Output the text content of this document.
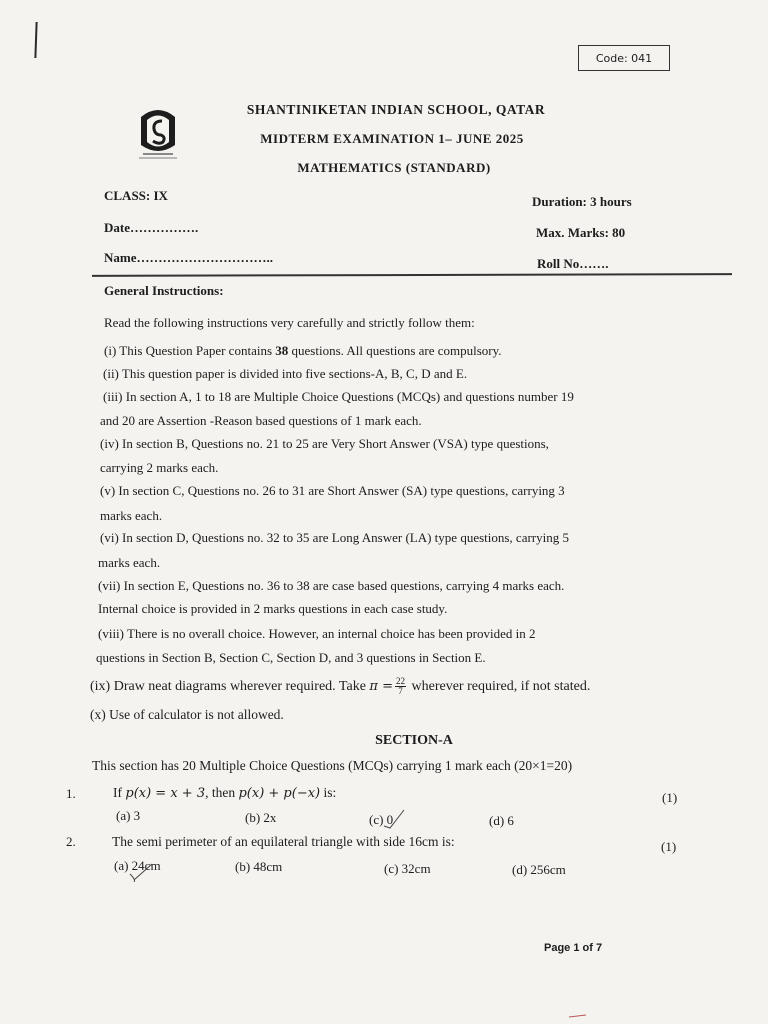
Code: 041
SHANTINIKETAN INDIAN SCHOOL, QATAR
MIDTERM EXAMINATION 1– JUNE 2025
MATHEMATICS (STANDARD)
CLASS: IX	Duration: 3 hours
Date…………….	Max. Marks: 80
Name…………………………..	Roll No…….
General Instructions:
Read the following instructions very carefully and strictly follow them:
(i) This Question Paper contains 38 questions. All questions are compulsory.
(ii) This question paper is divided into five sections-A, B, C, D and E.
(iii) In section A, 1 to 18 are Multiple Choice Questions (MCQs) and questions number 19
and 20 are Assertion -Reason based questions of 1 mark each.
(iv) In section B, Questions no. 21 to 25 are Very Short Answer (VSA) type questions,
carrying 2 marks each.
(v) In section C, Questions no. 26 to 31 are Short Answer (SA) type questions, carrying 3
marks each.
(vi) In section D, Questions no. 32 to 35 are Long Answer (LA) type questions, carrying 5
marks each.
(vii) In section E, Questions no. 36 to 38 are case based questions, carrying 4 marks each.
Internal choice is provided in 2 marks questions in each case study.
(viii) There is no overall choice. However, an internal choice has been provided in 2
questions in Section B, Section C, Section D, and 3 questions in Section E.
(ix) Draw neat diagrams wherever required. Take $\pi = \frac{22}{7}$ wherever required, if not stated.
(x) Use of calculator is not allowed.
SECTION-A
This section has 20 Multiple Choice Questions (MCQs) carrying 1 mark each (20×1=20)
1.	If p(x) = x + 3, then p(x) + p(−x) is:	(1)
(a) 3	(b) 2x	(c) 0	(d) 6
2.	The semi perimeter of an equilateral triangle with side 16cm is:	(1)
(a) 24cm	(b) 48cm	(c) 32cm	(d) 256cm
Page 1 of 7
